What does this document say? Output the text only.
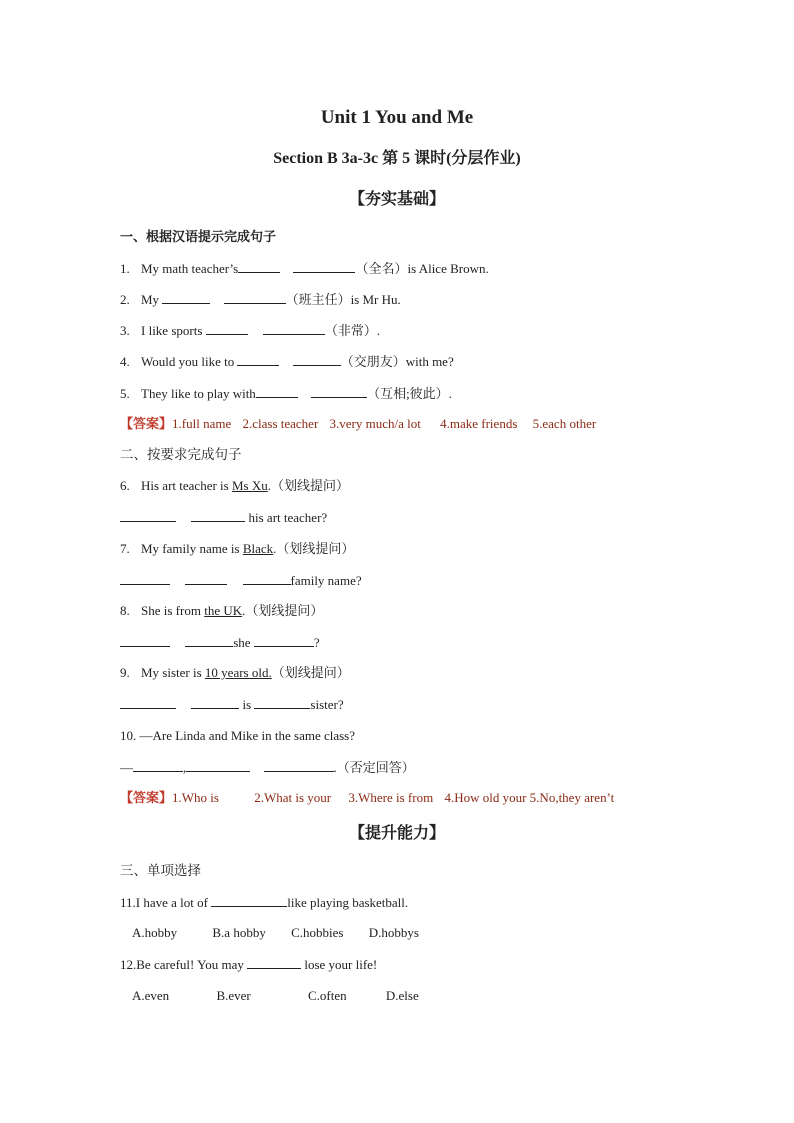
Unit 1 You and Me
Section B 3a-3c 第 5 课时(分层作业)
【夯实基础】
一、根据汉语提示完成句子
1. My math teacher’s	（全名）is Alice Brown.
2. My	（班主任）is Mr Hu.
3. I like sports	（非常）.
4. Would you like to	（交朋友）with me?
5. They like to play with	（互相;彼此）.
【答案】1.full name 2.class teacher 3.very much/a lot 4.make friends 5.each other
二、按要求完成句子
6. His art teacher is Ms Xu.（划线提问）
his art teacher?
7. My family name is Black.（划线提问）
family name?
8. She is from the UK.（划线提问）
she	?
9. My sister is 10 years old.（划线提问）
is	sister?
10. —Are Linda and Mike in the same class?
—	,	.（否定回答）
【答案】1.Who is	2.What is your 3.Where is from 4.How old your 5.No,they aren’t
【提升能力】
三、单项选择
11.I have a lot of	like playing basketball.
A.hobby	B.a hobby C.hobbies D.hobbys
12.Be careful! You may	lose your life!
A.even	B.ever	C.often	D.else
